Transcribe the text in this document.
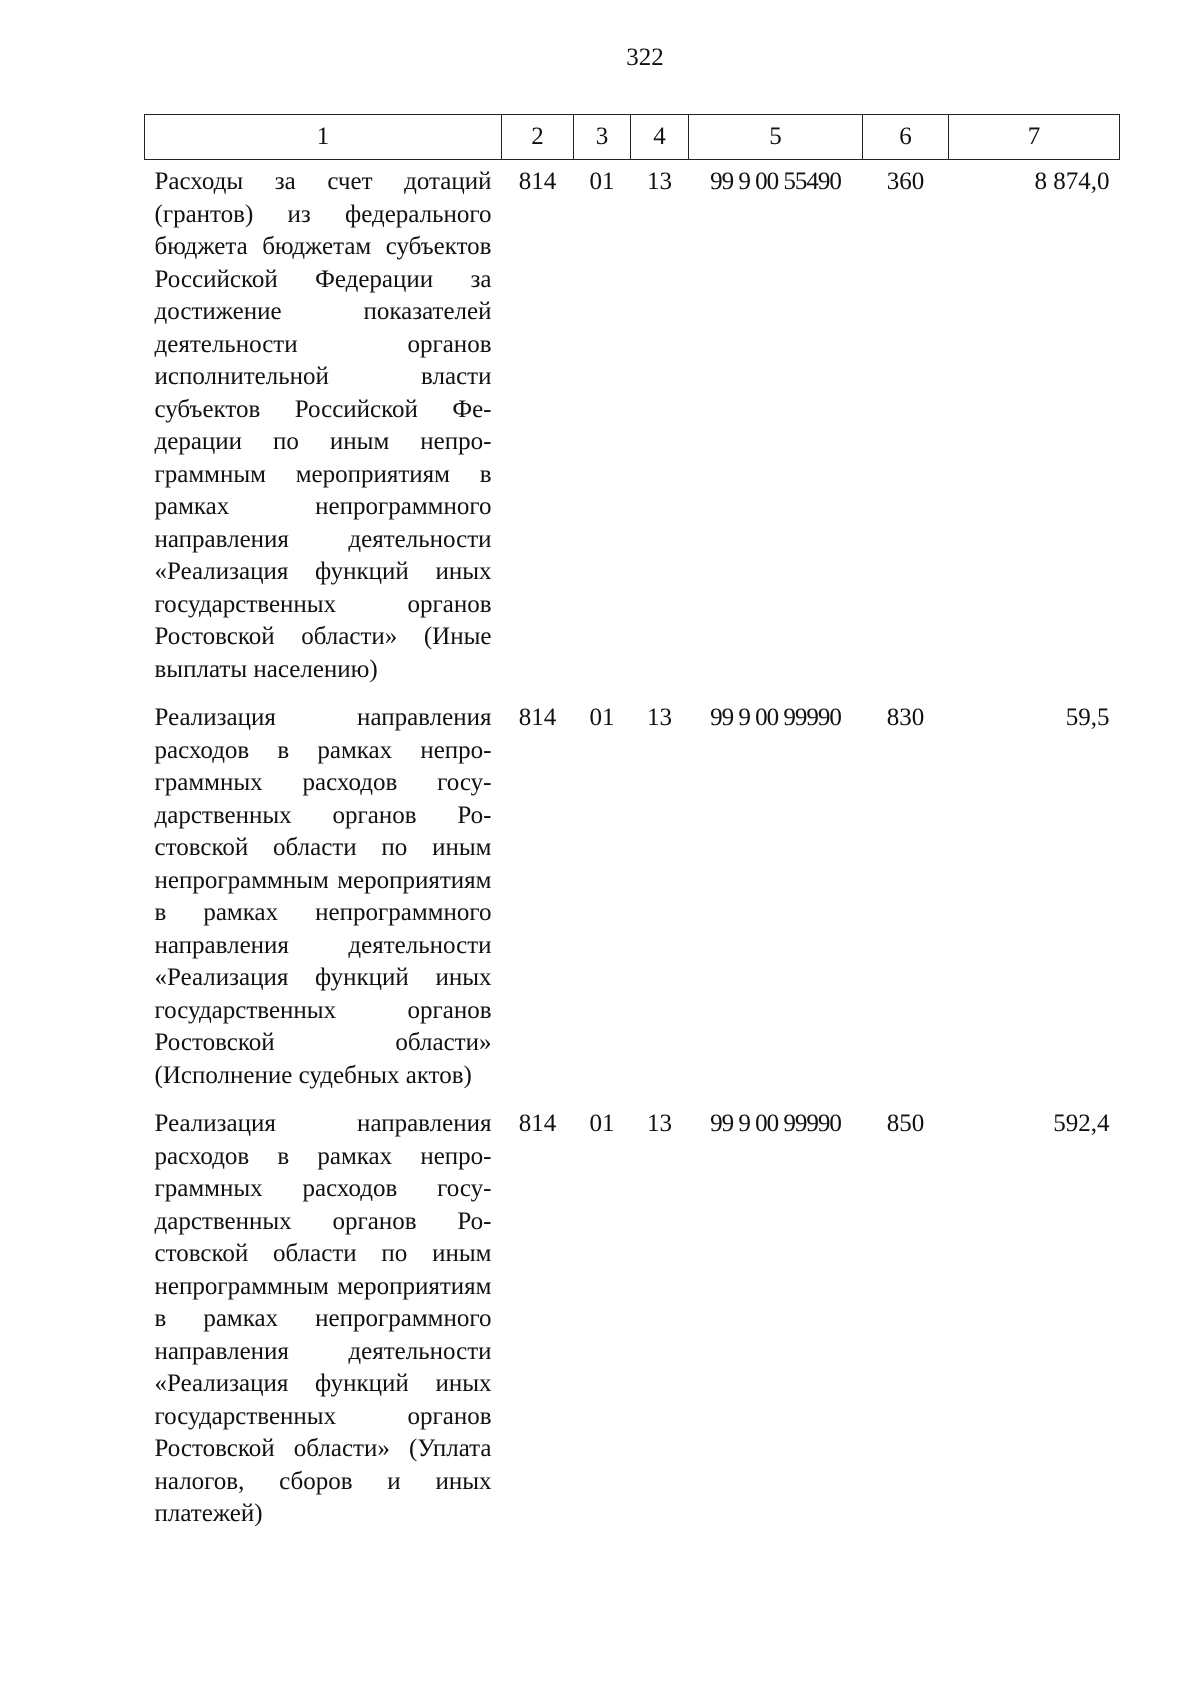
322
1	2	3	4	5	6	7
Расходы за счет дотаций (грантов) из федерального бюджета бюджетам субъектов Российской Федерации за достижение показателей деятельности органов исполнительной власти субъектов Российской Федерации по иным непрограммным мероприятиям в рамках непрограммного направления деятельности «Реализация функций иных государственных органов Ростовской области» (Иные выплаты населению)	814	01	13	99 9 00 55490	360	8 874,0
Реализация направления расходов в рамках непрограммных расходов государственных органов Ростовской области по иным непрограммным мероприятиям в рамках непрограммного направления деятельности «Реализация функций иных государственных органов Ростовской области» (Исполнение судебных актов)	814	01	13	99 9 00 99990	830	59,5
Реализация направления расходов в рамках непрограммных расходов государственных органов Ростовской области по иным непрограммным мероприятиям в рамках непрограммного направления деятельности «Реализация функций иных государственных органов Ростовской области» (Уплата налогов, сборов и иных платежей)	814	01	13	99 9 00 99990	850	592,4
